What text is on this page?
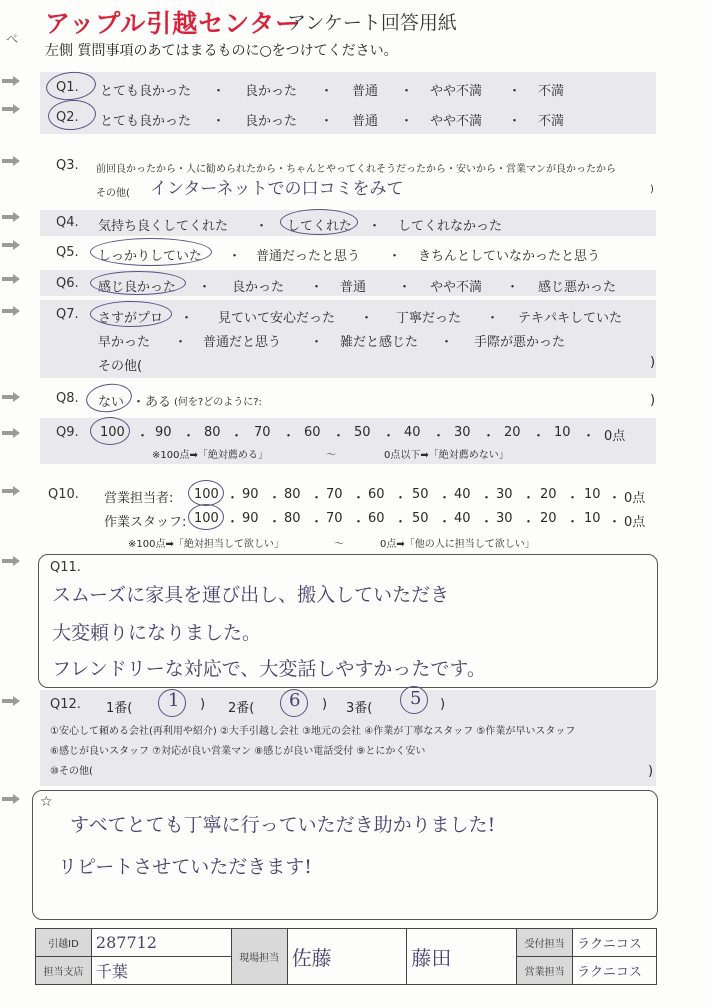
アップル引越センター
アンケート回答用紙
左側 質問事項のあてはまるものに○をつけてください。
べ
Q1. とても良かった ・ 良かった ・ 普通 ・ やや不満 ・ 不満
Q2. とても良かった ・ 良かった ・ 普通 ・ やや不満 ・ 不満
Q3. 前回良かったから・人に勧められたから・ちゃんとやってくれそうだったから・安いから・営業マンが良かったから
その他(	)
インターネットでの口コミをみて
Q4. 気持ち良くしてくれた ・ してくれた ・ してくれなかった
Q5. しっかりしていた ・ 普通だったと思う ・ きちんとしていなかったと思う
Q6. 感じ良かった ・ 良かった ・ 普通 ・ やや不満 ・ 感じ悪かった
Q7. さすがプロ ・ 見ていて安心だった ・ 丁寧だった ・ テキパキしていた
早かった ・ 普通だと思う ・ 雑だと感じた ・ 手際が悪かった
その他(	)
Q8. ない ・ ある (何を?どのように?:	)
Q9. 100 ・ 90 ・ 80 ・ 70 ・ 60 ・ 50 ・ 40 ・ 30 ・ 20 ・ 10 ・ 0点
※100点➡「絶対薦める」	〜	0点以下➡「絶対薦めない」
Q10. 営業担当者: 100 ・ 90 ・ 80 ・ 70 ・ 60 ・ 50 ・ 40 ・ 30 ・ 20 ・ 10 ・ 0点
作業スタッフ: 100 ・ 90 ・ 80 ・ 70 ・ 60 ・ 50 ・ 40 ・ 30 ・ 20 ・ 10 ・ 0点
※100点➡「絶対担当して欲しい」	〜	0点➡「他の人に担当して欲しい」
Q11.
スムーズに家具を運び出し、搬入していただき
大変頼りになりました。
フレンドリーな対応で、大変話しやすかったです。
Q12. 1番( 1 ) 2番( 6 ) 3番( 5 )
①安心して頼める会社(再利用や紹介) ②大手引越し会社 ③地元の会社 ④作業が丁寧なスタッフ ⑤作業が早いスタッフ
⑥感じが良いスタッフ ⑦対応が良い営業マン ⑧感じが良い電話受付 ⑨とにかく安い
⑩その他(	)
☆
すべてとても丁寧に行っていただき助かりました!
リピートさせていただきます!
引越ID	287712	現場担当	佐藤	藤田	受付担当	ラクニコス
担当支店	千葉				営業担当	ラクニコス
